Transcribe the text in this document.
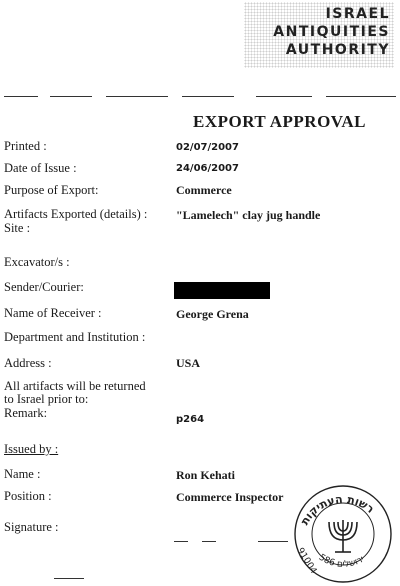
ISRAEL
ANTIQUITIES
AUTHORITY
EXPORT APPROVAL
Printed :	02/07/2007
Date of Issue :	24/06/2007
Purpose of Export:	Commerce
Artifacts Exported (details) : "Lamelech" clay jug handle
Site :
Excavator/s :
Sender/Courier:
Name of Receiver :	George Grena
Department and Institution :
Address :	USA
All artifacts will be returned
to Israel prior to:
Remark:	p264
Issued by :
Name :	Ron Kehati
Position :	Commerce Inspector
Signature :	רשות העתיקות
ירושלים 586
91004
